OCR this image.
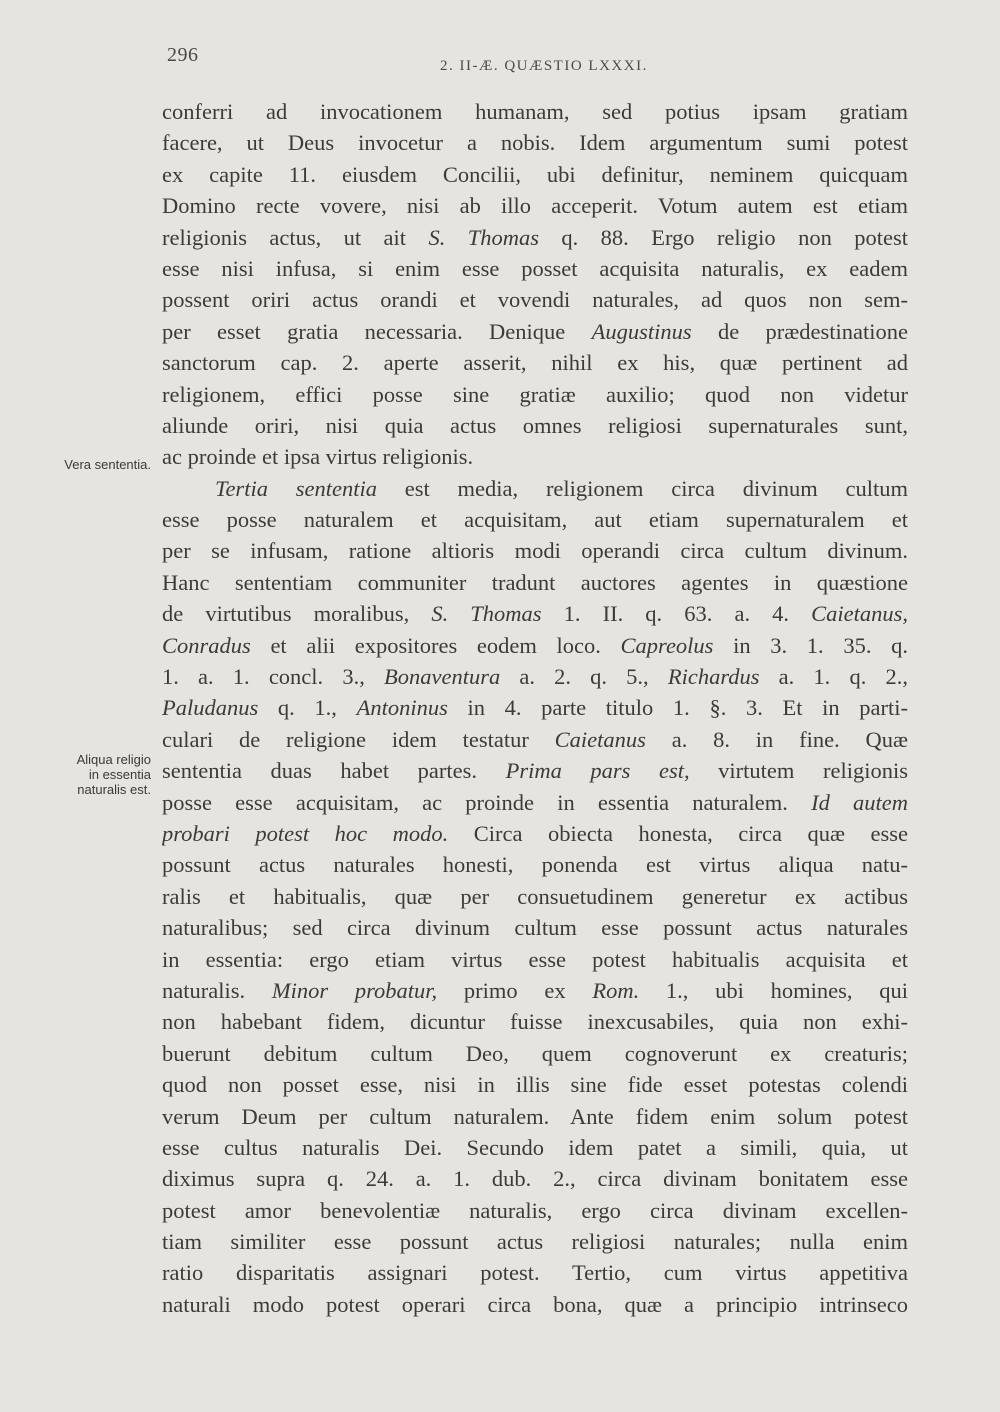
296	2. II-Æ. QUÆSTIO LXXXI.
Vera sententia.
Aliqua religio
in essentia
naturalis est.
conferri ad invocationem humanam, sed potius ipsam gratiam
facere, ut Deus invocetur a nobis. Idem argumentum sumi potest
ex capite 11. eiusdem Concilii, ubi definitur, neminem quicquam
Domino recte vovere, nisi ab illo acceperit. Votum autem est etiam
religionis actus, ut ait S. Thomas q. 88. Ergo religio non potest
esse nisi infusa, si enim esse posset acquisita naturalis, ex eadem
possent oriri actus orandi et vovendi naturales, ad quos non sem-
per esset gratia necessaria. Denique Augustinus de prædestinatione
sanctorum cap. 2. aperte asserit, nihil ex his, quæ pertinent ad
religionem, effici posse sine gratiæ auxilio; quod non videtur
aliunde oriri, nisi quia actus omnes religiosi supernaturales sunt,
ac proinde et ipsa virtus religionis.
Tertia sententia est media, religionem circa divinum cultum
esse posse naturalem et acquisitam, aut etiam supernaturalem et
per se infusam, ratione altioris modi operandi circa cultum divinum.
Hanc sententiam communiter tradunt auctores agentes in quæstione
de virtutibus moralibus, S. Thomas 1. II. q. 63. a. 4. Caietanus,
Conradus et alii expositores eodem loco. Capreolus in 3. 1. 35. q.
1. a. 1. concl. 3., Bonaventura a. 2. q. 5., Richardus a. 1. q. 2.,
Paludanus q. 1., Antoninus in 4. parte titulo 1. §. 3. Et in parti-
culari de religione idem testatur Caietanus a. 8. in fine. Quæ
sententia duas habet partes. Prima pars est, virtutem religionis
posse esse acquisitam, ac proinde in essentia naturalem. Id autem
probari potest hoc modo. Circa obiecta honesta, circa quæ esse
possunt actus naturales honesti, ponenda est virtus aliqua natu-
ralis et habitualis, quæ per consuetudinem generetur ex actibus
naturalibus; sed circa divinum cultum esse possunt actus naturales
in essentia: ergo etiam virtus esse potest habitualis acquisita et
naturalis. Minor probatur, primo ex Rom. 1., ubi homines, qui
non habebant fidem, dicuntur fuisse inexcusabiles, quia non exhi-
buerunt debitum cultum Deo, quem cognoverunt ex creaturis;
quod non posset esse, nisi in illis sine fide esset potestas colendi
verum Deum per cultum naturalem. Ante fidem enim solum potest
esse cultus naturalis Dei. Secundo idem patet a simili, quia, ut
diximus supra q. 24. a. 1. dub. 2., circa divinam bonitatem esse
potest amor benevolentiæ naturalis, ergo circa divinam excellen-
tiam similiter esse possunt actus religiosi naturales; nulla enim
ratio disparitatis assignari potest. Tertio, cum virtus appetitiva
naturali modo potest operari circa bona, quæ a principio intrinseco
